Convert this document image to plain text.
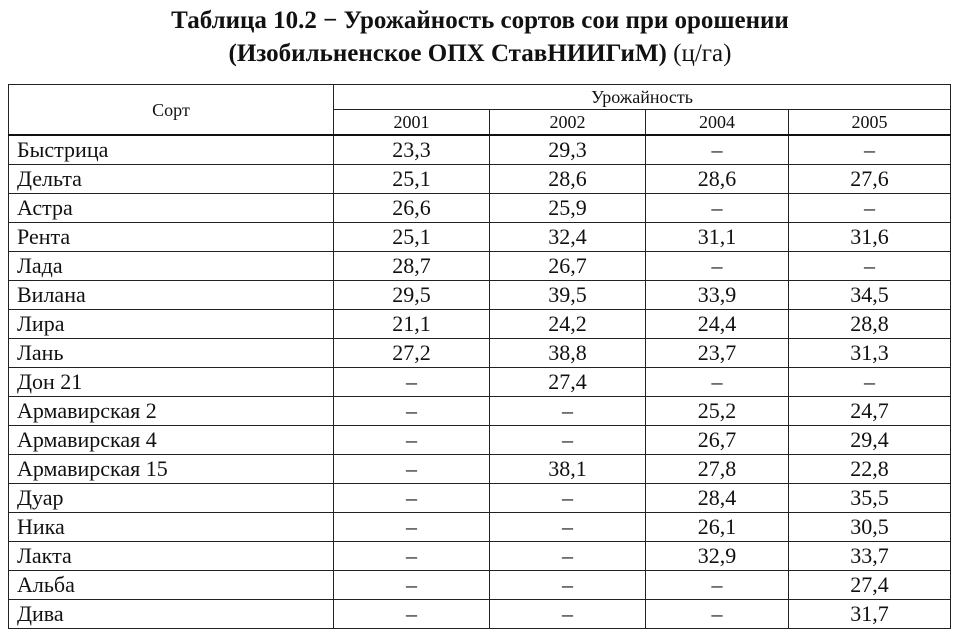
Таблица 10.2 − Урожайность сортов сои при орошении
(Изобильненское ОПХ СтавНИИГиМ) (ц/га)
Сорт	Урожайность			
	2001	2002	2004	2005
Быстрица	23,3	29,3	–	–
Дельта	25,1	28,6	28,6	27,6
Астра	26,6	25,9	–	–
Рента	25,1	32,4	31,1	31,6
Лада	28,7	26,7	–	–
Вилана	29,5	39,5	33,9	34,5
Лира	21,1	24,2	24,4	28,8
Лань	27,2	38,8	23,7	31,3
Дон 21	–	27,4	–	–
Армавирская 2	–	–	25,2	24,7
Армавирская 4	–	–	26,7	29,4
Армавирская 15	–	38,1	27,8	22,8
Дуар	–	–	28,4	35,5
Ника	–	–	26,1	30,5
Лакта	–	–	32,9	33,7
Альба	–	–	–	27,4
Дива	–	–	–	31,7
